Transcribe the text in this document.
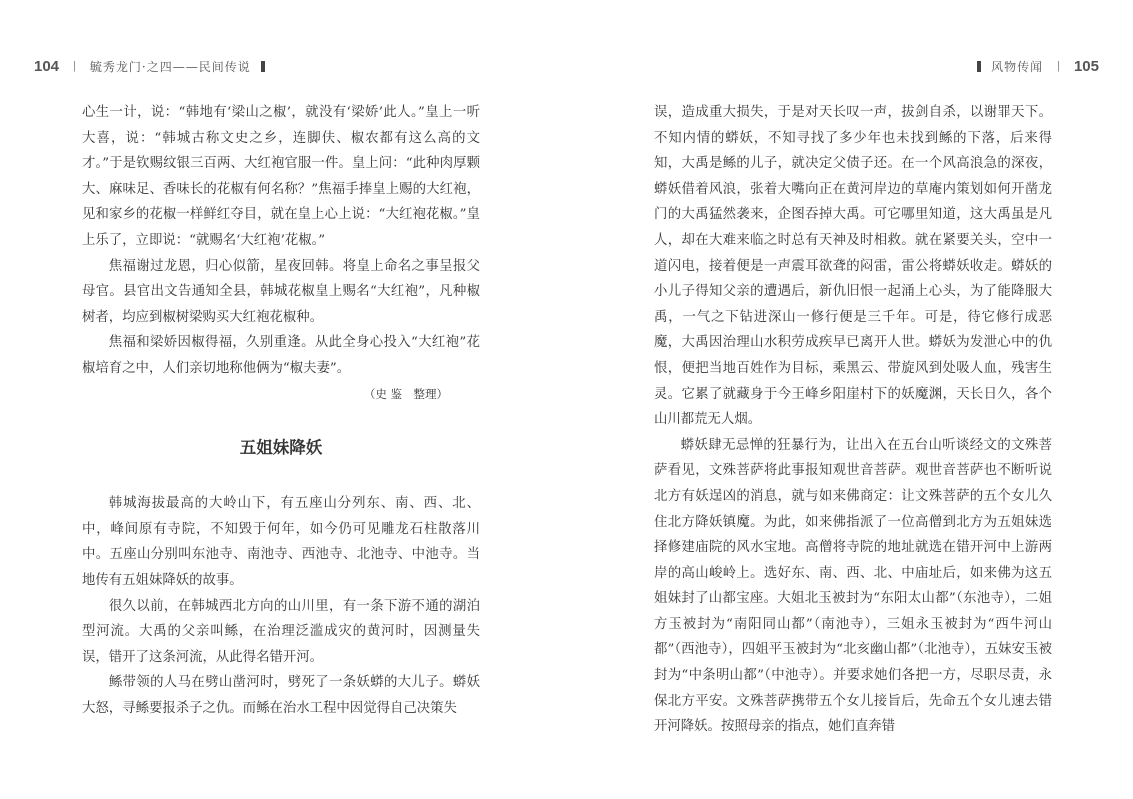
104 | 毓秀龙门·之四——民间传说

心生一计，说：“韩地有‘梁山之椒’，就没有‘梁娇’此人。”皇上一听大喜，说：“韩城古称文史之乡，连脚伕、椒农都有这么高的文才。”于是钦赐纹银三百两、大红袍官服一件。皇上问：“此种肉厚颗大、麻味足、香味长的花椒有何名称？”焦福手捧皇上赐的大红袍，见和家乡的花椒一样鲜红夺目，就在皇上心上说：“大红袍花椒。”皇上乐了，立即说：“就赐名‘大红袍’花椒。”

焦福谢过龙恩，归心似箭，星夜回韩。将皇上命名之事呈报父母官。县官出文告通知全县，韩城花椒皇上赐名“大红袍”，凡种椒树者，均应到椒树梁购买大红袍花椒种。

焦福和梁娇因椒得福，久别重逢。从此全身心投入“大红袍”花椒培育之中，人们亲切地称他俩为“椒夫妻”。

（史 鉴　整理）

五姐妹降妖

韩城海拔最高的大岭山下，有五座山分列东、南、西、北、中，峰间原有寺院，不知毁于何年，如今仍可见雕龙石柱散落川中。五座山分别叫东池寺、南池寺、西池寺、北池寺、中池寺。当地传有五姐妹降妖的故事。

很久以前，在韩城西北方向的山川里，有一条下游不通的湖泊型河流。大禹的父亲叫鲧，在治理泛滥成灾的黄河时，因测量失误，错开了这条河流，从此得名错开河。

鲧带领的人马在劈山凿河时，劈死了一条妖蟒的大儿子。蟒妖大怒，寻鲧要报杀子之仇。而鲧在治水工程中因觉得自己决策失

风物传闻 | 105

误，造成重大损失，于是对天长叹一声，拔剑自杀，以谢罪天下。不知内情的蟒妖，不知寻找了多少年也未找到鲧的下落，后来得知，大禹是鲧的儿子，就决定父债子还。在一个风高浪急的深夜，蟒妖借着风浪，张着大嘴向正在黄河岸边的草庵内策划如何开凿龙门的大禹猛然袭来，企图吞掉大禹。可它哪里知道，这大禹虽是凡人，却在大难来临之时总有天神及时相救。就在紧要关头，空中一道闪电，接着便是一声震耳欲聋的闷雷，雷公将蟒妖收走。蟒妖的小儿子得知父亲的遭遇后，新仇旧恨一起涌上心头，为了能降服大禹，一气之下钻进深山一修行便是三千年。可是，待它修行成恶魔，大禹因治理山水积劳成疾早已离开人世。蟒妖为发泄心中的仇恨，便把当地百姓作为目标，乘黑云、带旋风到处吸人血，残害生灵。它累了就藏身于今王峰乡阳崖村下的妖魔渊，天长日久，各个山川都荒无人烟。

蟒妖肆无忌惮的狂暴行为，让出入在五台山听谈经文的文殊菩萨看见，文殊菩萨将此事报知观世音菩萨。观世音菩萨也不断听说北方有妖逞凶的消息，就与如来佛商定：让文殊菩萨的五个女儿久住北方降妖镇魔。为此，如来佛指派了一位高僧到北方为五姐妹选择修建庙院的风水宝地。高僧将寺院的地址就选在错开河中上游两岸的高山峻岭上。选好东、南、西、北、中庙址后，如来佛为这五姐妹封了山都宝座。大姐北玉被封为“东阳太山都”（东池寺），二姐方玉被封为“南阳同山都”（南池寺），三姐永玉被封为“西牛河山都”（西池寺），四姐平玉被封为“北亥幽山都”（北池寺），五妹安玉被封为“中条明山都”（中池寺）。并要求她们各把一方，尽职尽责，永保北方平安。文殊菩萨携带五个女儿接旨后，先命五个女儿速去错开河降妖。按照母亲的指点，她们直奔错
